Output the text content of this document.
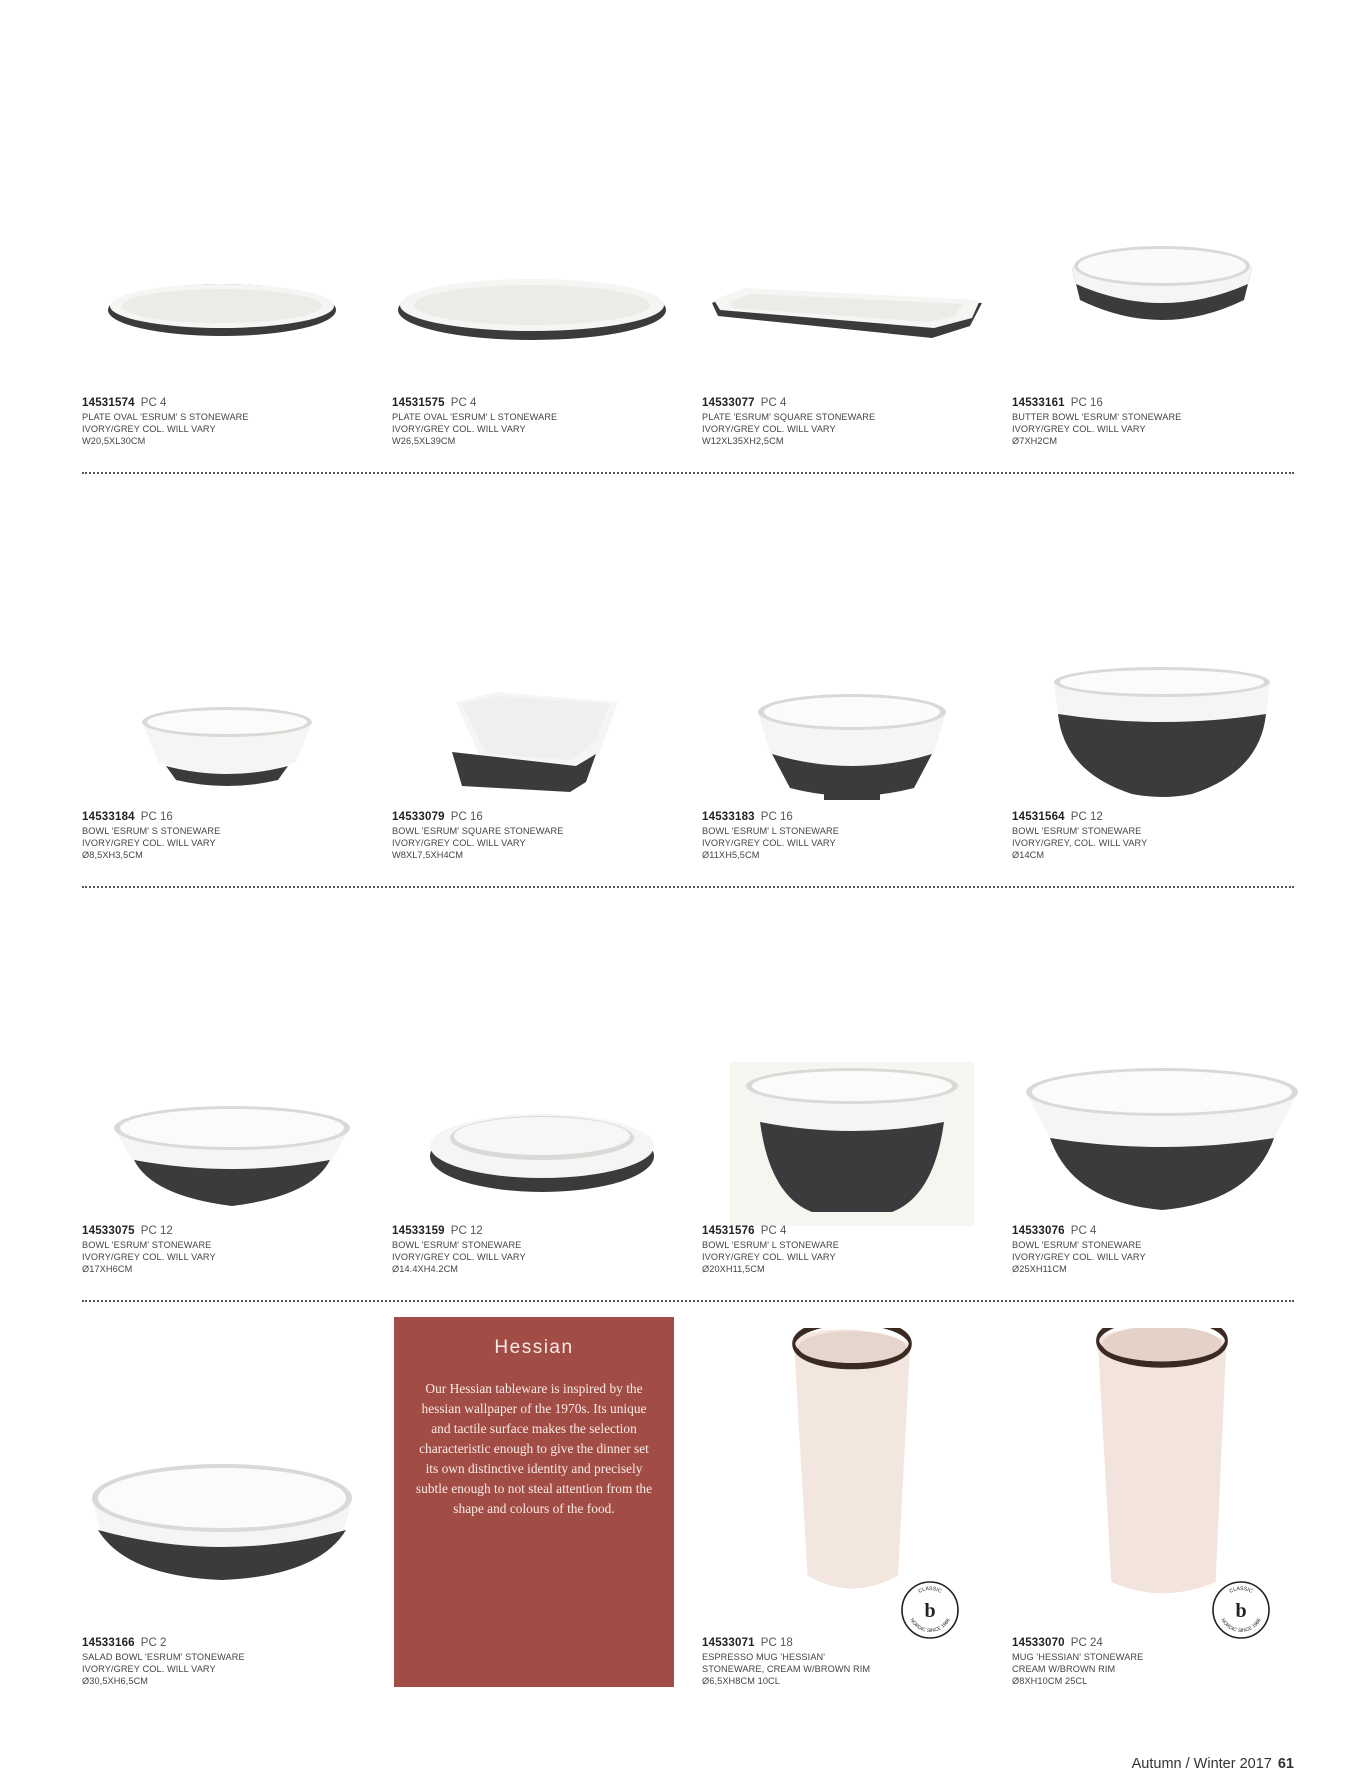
14531574 PC 4
PLATE OVAL 'ESRUM' S STONEWARE
IVORY/GREY COL. WILL VARY
W20,5XL30CM
14531575 PC 4
PLATE OVAL 'ESRUM' L STONEWARE
IVORY/GREY COL. WILL VARY
W26,5XL39CM
14533077 PC 4
PLATE 'ESRUM' SQUARE STONEWARE
IVORY/GREY COL. WILL VARY
W12XL35XH2,5CM
14533161 PC 16
BUTTER BOWL 'ESRUM' STONEWARE
IVORY/GREY COL. WILL VARY
Ø7XH2CM
14533184 PC 16
BOWL 'ESRUM' S STONEWARE
IVORY/GREY COL. WILL VARY
Ø8,5XH3,5CM
14533079 PC 16
BOWL 'ESRUM' SQUARE STONEWARE
IVORY/GREY COL. WILL VARY
W8XL7,5XH4CM
14533183 PC 16
BOWL 'ESRUM' L STONEWARE
IVORY/GREY COL. WILL VARY
Ø11XH5,5CM
14531564 PC 12
BOWL 'ESRUM' STONEWARE
IVORY/GREY, COL. WILL VARY
Ø14CM
14533075 PC 12
BOWL 'ESRUM' STONEWARE
IVORY/GREY COL. WILL VARY
Ø17XH6CM
14533159 PC 12
BOWL 'ESRUM' STONEWARE
IVORY/GREY COL. WILL VARY
Ø14.4XH4.2CM
14531576 PC 4
BOWL 'ESRUM' L STONEWARE
IVORY/GREY COL. WILL VARY
Ø20XH11,5CM
14533076 PC 4
BOWL 'ESRUM' STONEWARE
IVORY/GREY COL. WILL VARY
Ø25XH11CM
14533166 PC 2
SALAD BOWL 'ESRUM' STONEWARE
IVORY/GREY COL. WILL VARY
Ø30,5XH6,5CM
14533071 PC 18
ESPRESSO MUG 'HESSIAN'
STONEWARE, CREAM W/BROWN RIM
Ø6,5XH8CM 10CL
14533070 PC 24
MUG 'HESSIAN' STONEWARE
CREAM W/BROWN RIM
Ø8XH10CM 25CL
CLASSIC
NORDIC SINCE 1966
b
CLASSIC
NORDIC SINCE 1966
b
Hessian
Our Hessian tableware is inspired by the hessian wallpaper of the 1970s. Its unique and tactile surface makes the selection characteristic enough to give the dinner set its own distinctive identity and precisely subtle enough to not steal attention from the shape and colours of the food.
Autumn / Winter 2017 61
